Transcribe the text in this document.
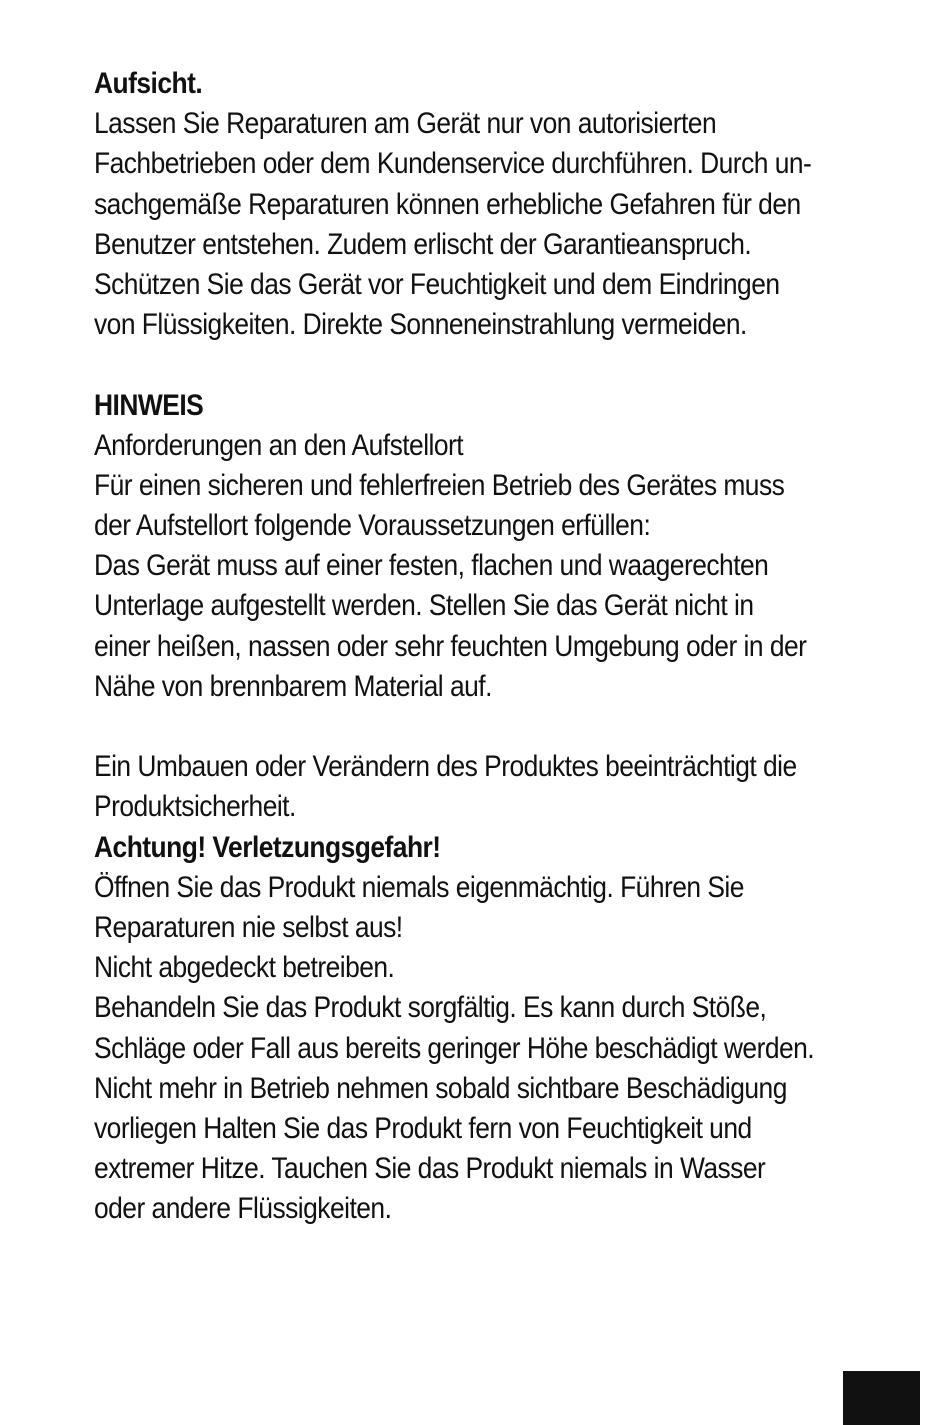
Aufsicht.
Lassen Sie Reparaturen am Gerät nur von autorisierten
Fachbetrieben oder dem Kundenservice durchführen. Durch un-
sachgemäße Reparaturen können erhebliche Gefahren für den
Benutzer entstehen. Zudem erlischt der Garantieanspruch.
Schützen Sie das Gerät vor Feuchtigkeit und dem Eindringen
von Flüssigkeiten. Direkte Sonneneinstrahlung vermeiden.
HINWEIS
Anforderungen an den Aufstellort
Für einen sicheren und fehlerfreien Betrieb des Gerätes muss
der Aufstellort folgende Voraussetzungen erfüllen:
Das Gerät muss auf einer festen, flachen und waagerechten
Unterlage aufgestellt werden. Stellen Sie das Gerät nicht in
einer heißen, nassen oder sehr feuchten Umgebung oder in der
Nähe von brennbarem Material auf.
Ein Umbauen oder Verändern des Produktes beeinträchtigt die
Produktsicherheit.
Achtung! Verletzungsgefahr!
Öffnen Sie das Produkt niemals eigenmächtig. Führen Sie
Reparaturen nie selbst aus!
Nicht abgedeckt betreiben.
Behandeln Sie das Produkt sorgfältig. Es kann durch Stöße,
Schläge oder Fall aus bereits geringer Höhe beschädigt werden.
Nicht mehr in Betrieb nehmen sobald sichtbare Beschädigung
vorliegen Halten Sie das Produkt fern von Feuchtigkeit und
extremer Hitze. Tauchen Sie das Produkt niemals in Wasser
oder andere Flüssigkeiten.
